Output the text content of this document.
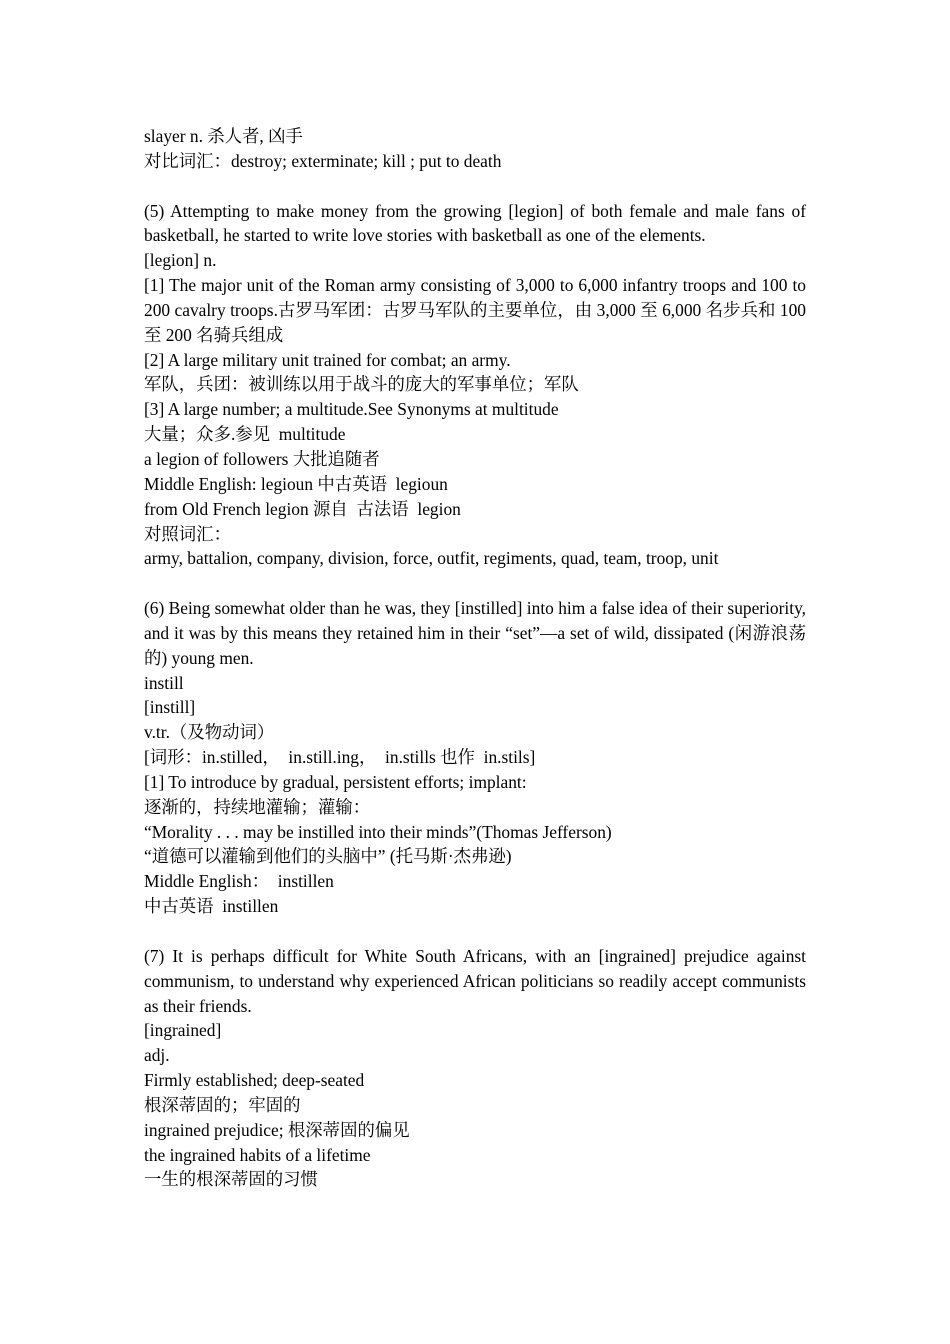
slayer n. 杀人者, 凶手
对比词汇：destroy; exterminate; kill ; put to death
(5) Attempting to make money from the growing [legion] of both female and male fans of basketball, he started to write love stories with basketball as one of the elements.
[legion] n.
[1] The major unit of the Roman army consisting of 3,000 to 6,000 infantry troops and 100 to 200 cavalry troops.古罗马军团：古罗马军队的主要单位，由 3,000 至 6,000 名步兵和 100 至 200 名骑兵组成
[2] A large military unit trained for combat; an army.
军队，兵团：被训练以用于战斗的庞大的军事单位；军队
[3] A large number; a multitude.See Synonyms at multitude
大量；众多.参见  multitude
a legion of followers 大批追随者
Middle English: legioun 中古英语  legioun
from Old French legion 源自  古法语  legion
对照词汇：
army, battalion, company, division, force, outfit, regiments, quad, team, troop, unit
(6) Being somewhat older than he was, they [instilled] into him a false idea of their superiority, and it was by this means they retained him in their “set”—a set of wild, dissipated (闲游浪荡的) young men.
instill
[instill]
v.tr.（及物动词）
[词形：in.stilled，  in.still.ing，  in.stills 也作  in.stils]
[1] To introduce by gradual, persistent efforts; implant:
逐渐的，持续地灌输；灌输：
“Morality . . . may be instilled into their minds”(Thomas Jefferson)
“道德可以灌输到他们的头脑中” (托马斯·杰弗逊)
Middle English：  instillen
中古英语  instillen
(7) It is perhaps difficult for White South Africans, with an [ingrained] prejudice against communism, to understand why experienced African politicians so readily accept communists as their friends.
[ingrained]
adj.
Firmly established; deep-seated
根深蒂固的；牢固的
ingrained prejudice; 根深蒂固的偏见
the ingrained habits of a lifetime
一生的根深蒂固的习惯
